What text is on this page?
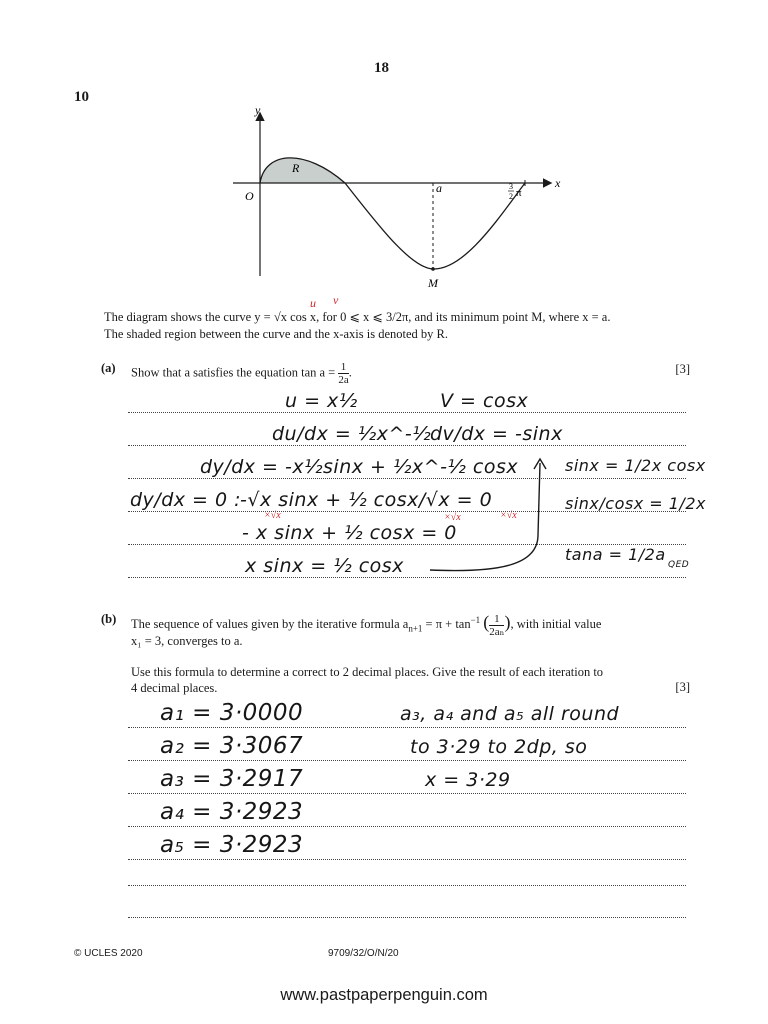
18
10
y
x
O
R
a	3
2 π
M
u v
The diagram shows the curve y = √x cos x, for 0 ⩽ x ⩽ 3/2π, and its minimum point M, where x = a.
The shaded region between the curve and the x-axis is denoted by R.
(a) Show that a satisfies the equation $\tan a = \frac{1}{2a}$ .	[3]
u = x½	V = cosx
du/dx = ½x^-½
dv/dx = -sinx
dy/dx = -x½sinx + ½x^-½ cosx
dy/dx = 0 :
-√x sinx + ½ cosx/√x = 0
×√x	×√x	×√x
- x sinx + ½ cosx = 0
x sinx = ½ cosx
sinx = 1/2x cosx
sinx/cosx = 1/2x
tana = 1/2a
QED
(b) The sequence of values given by the iterative formula $a_{n+1} = \pi + \tan^{-1}$ ( $\frac{1}{\text{2aₙ}}$ ), with initial value
x₁ = 3, converges to a.
Use this formula to determine a correct to 2 decimal places. Give the result of each iteration to
4 decimal places.	[3]
a₁ = 3·0000
a₂ = 3·3067
a₃ = 3·2917
a₄ = 3·2923
a₅ = 3·2923
a₃, a₄ and a₅ all round
to 3·29 to 2dp, so
x = 3·29
© UCLES 2020	9709/32/O/N/20
www.pastpaperpenguin.com
